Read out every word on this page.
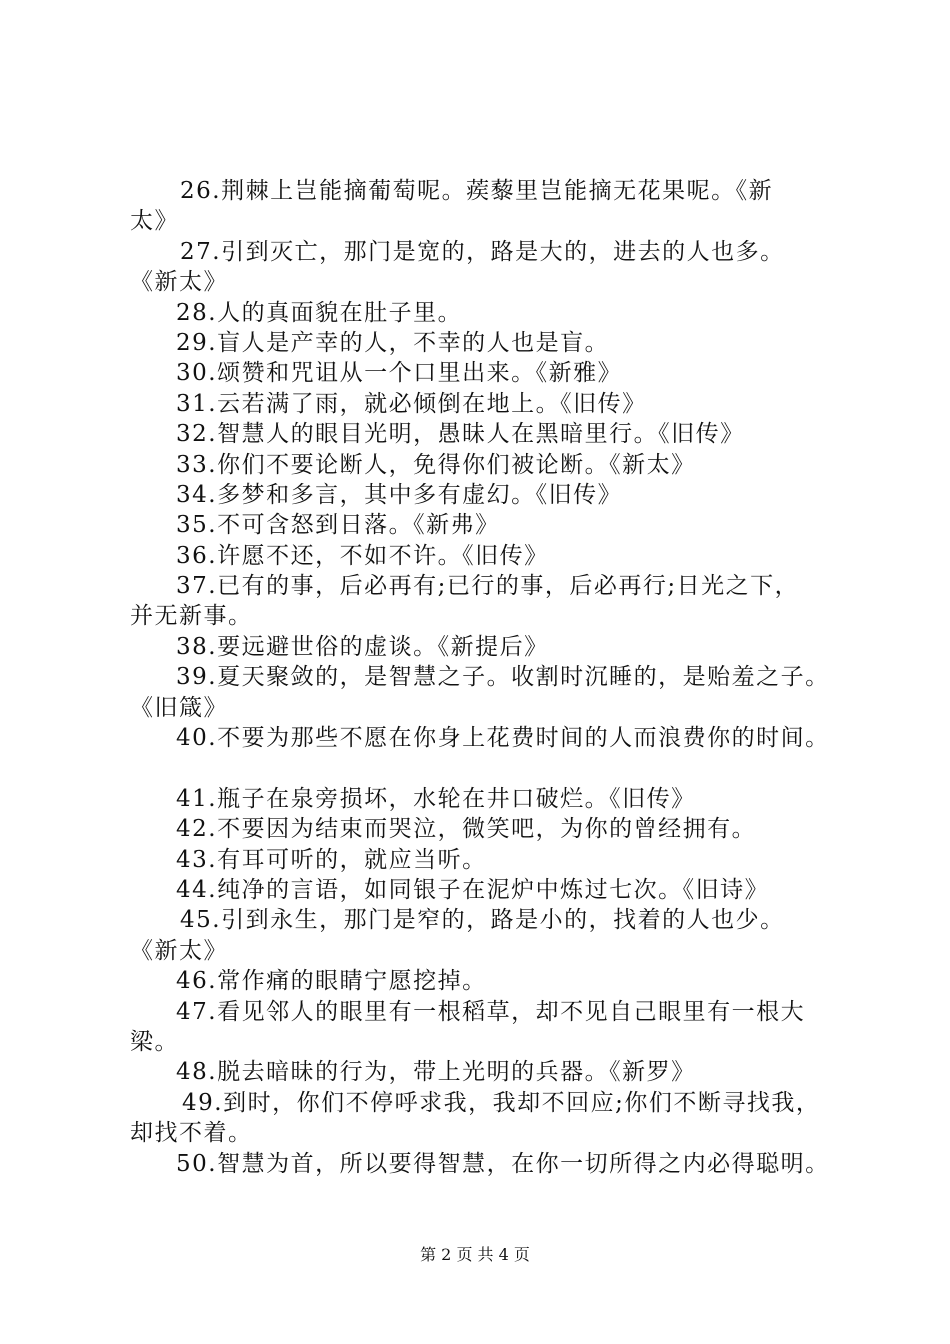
26.荆棘上岂能摘葡萄呢。蒺藜里岂能摘无花果呢。《新
太》
27.引到灭亡，那门是宽的，路是大的，进去的人也多。
《新太》
28.人的真面貌在肚子里。
29.盲人是产幸的人，不幸的人也是盲。
30.颂赞和咒诅从一个口里出来。《新雅》
31.云若满了雨，就必倾倒在地上。《旧传》
32.智慧人的眼目光明，愚昧人在黑暗里行。《旧传》
33.你们不要论断人，免得你们被论断。《新太》
34.多梦和多言，其中多有虚幻。《旧传》
35.不可含怒到日落。《新弗》
36.许愿不还，不如不许。《旧传》
37.已有的事，后必再有;已行的事，后必再行;日光之下，
并无新事。
38.要远避世俗的虚谈。《新提后》
39.夏天聚敛的，是智慧之子。收割时沉睡的，是贻羞之子。
《旧箴》
40.不要为那些不愿在你身上花费时间的人而浪费你的时间。
41.瓶子在泉旁损坏，水轮在井口破烂。《旧传》
42.不要因为结束而哭泣，微笑吧，为你的曾经拥有。
43.有耳可听的，就应当听。
44.纯净的言语，如同银子在泥炉中炼过七次。《旧诗》
45.引到永生，那门是窄的，路是小的，找着的人也少。
《新太》
46.常作痛的眼睛宁愿挖掉。
47.看见邻人的眼里有一根稻草，却不见自己眼里有一根大
梁。
48.脱去暗昧的行为，带上光明的兵器。《新罗》
49.到时，你们不停呼求我，我却不回应;你们不断寻找我，
却找不着。
50.智慧为首，所以要得智慧，在你一切所得之内必得聪明。
第 2 页 共 4 页
